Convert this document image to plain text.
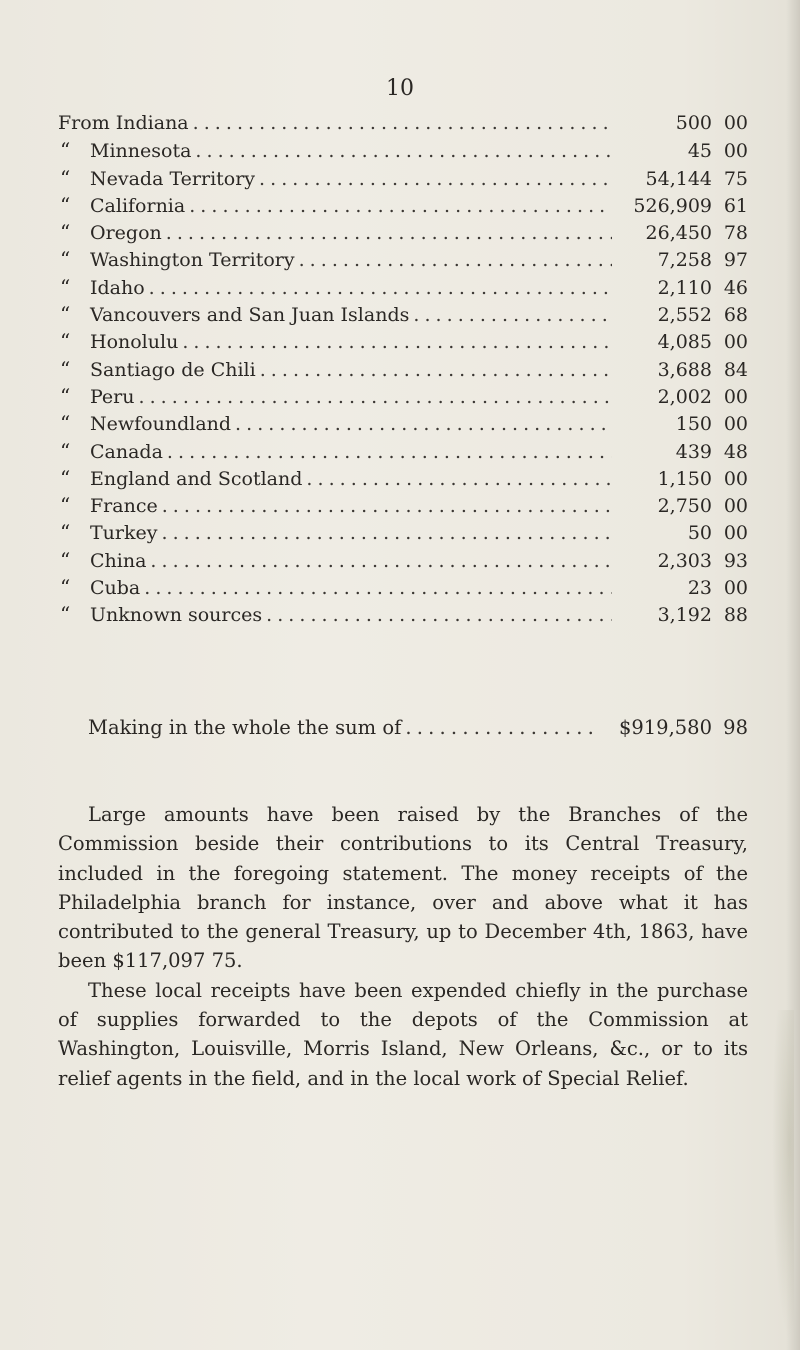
10
From Indiana . . .	500 00
“	Minnesota . . .	45 00
“	Nevada Territory . . .	54,144 75
“	California . . .	526,909 61
“	Oregon . . .	26,450 78
“	Washington Territory . . .	7,258 97
“	Idaho . . .	2,110 46
“	Vancouvers and San Juan Islands . . .	2,552 68
“	Honolulu . . .	4,085 00
“	Santiago de Chili . . .	3,688 84
“	Peru . . .	2,002 00
“	Newfoundland . . .	150 00
“	Canada . . .	439 48
“	England and Scotland . . .	1,150 00
“	France . . .	2,750 00
“	Turkey . . .	50 00
“	China . . .	2,303 93
“	Cuba . . .	23 00
“	Unknown sources . . .	3,192 88
Making in the whole the sum of . . .	$919,580 98

Large amounts have been raised by the Branches of the Commission beside their contributions to its Central Treasury, included in the foregoing statement. The money receipts of the Philadelphia branch for instance, over and above what it has contributed to the general Treasury, up to December 4th, 1863, have been $117,097 75.

These local receipts have been expended chiefly in the purchase of supplies forwarded to the depots of the Commission at Washington, Louisville, Morris Island, New Orleans, &c., or to its relief agents in the field, and in the local work of Special Relief.
